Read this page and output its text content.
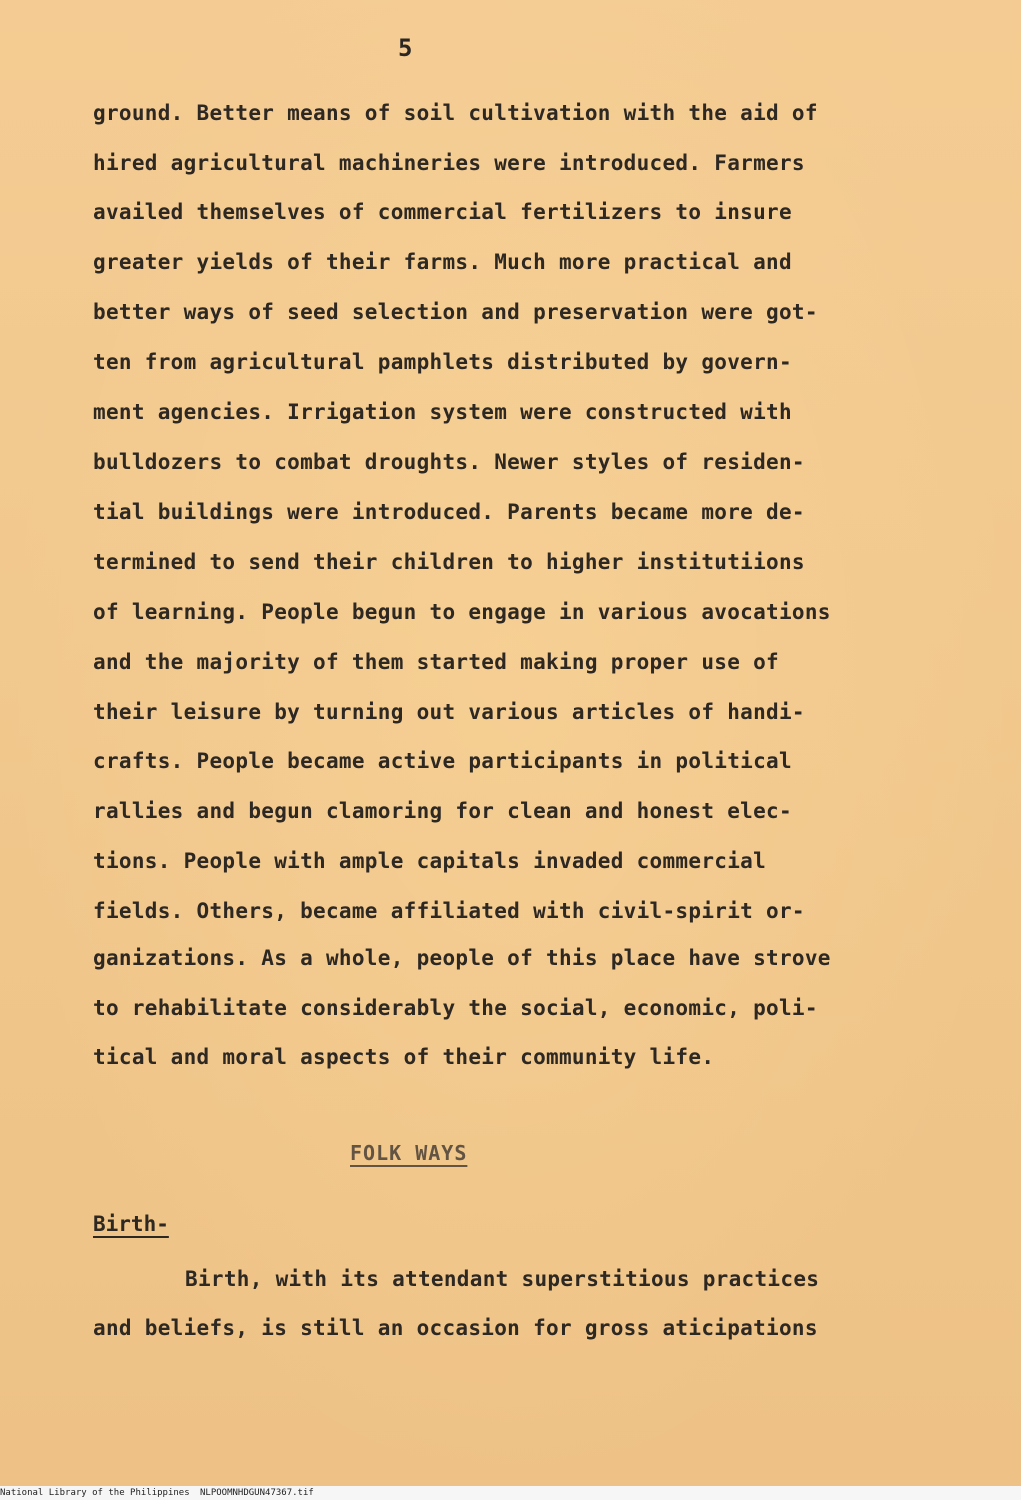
5
ground. Better means of soil cultivation with the aid of
hired agricultural machineries were introduced. Farmers
availed themselves of commercial fertilizers to insure
greater yields of their farms. Much more practical and
better ways of seed selection and preservation were got-
ten from agricultural pamphlets distributed by govern-
ment agencies. Irrigation system were constructed with
bulldozers to combat droughts. Newer styles of residen-
tial buildings were introduced. Parents became more de-
termined to send their children to higher institutiions
of learning. People begun to engage in various avocations
and the majority of them started making proper use of
their leisure by turning out various articles of handi-
crafts. People became active participants in political
rallies and begun clamoring for clean and honest elec-
tions. People with ample capitals invaded commercial
fields. Others, became affiliated with civil-spirit or-
ganizations. As a whole, people of this place have strove
to rehabilitate considerably the social, economic, poli-
tical and moral aspects of their community life.
FOLK WAYS
Birth-
Birth, with its attendant superstitious practices
and beliefs, is still an occasion for gross aticipations
National Library of the Philippines NLPOOMNHDGUN47367.tif
